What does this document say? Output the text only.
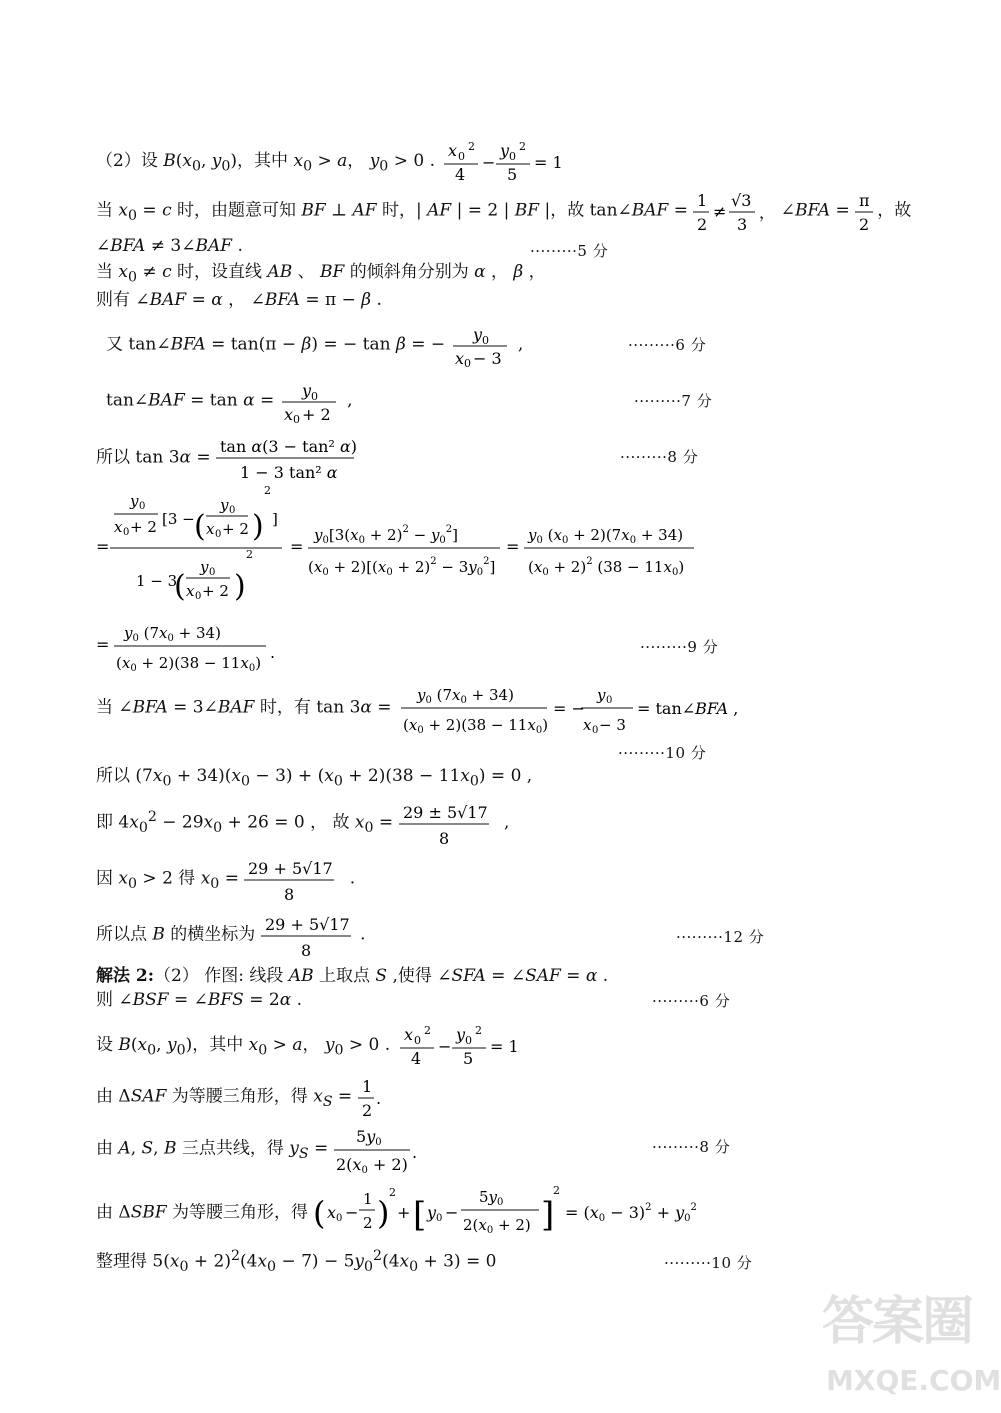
（2）设 $B(x_0$, $y_0$)，其中 $x_0 > a$， $y_0 > 0$ . x 0
2
4
−
y 0
2
5
= 1
当 $x_0 = c$ 时，由题意可知 BF ⊥ AF 时，| AF | = 2 | BF |，故 tan∠BAF = 1
2
≠
√3
3
， ∠BFA = π
2
，故
∠BFA ≠ 3∠BAF .	·········5 分
当 $x_0 \ne c$ 时，设直线 AB 、 BF 的倾斜角分别为 α ， β ，
则有 ∠BAF = α ， ∠BFA = π − β .
又 tan∠BFA = tan(π − β) = − tan β = − y 0
x 0 − 3
,	·········6 分
tan∠BAF = tan α = y 0
x 0 + 2
,	·········7 分
所以 tan 3α =
tan α(3 − tan² α)
1 − 3 tan² α
·········8 分
=
y 0
x 0 + 2 [3 − (
y 0
x 0 + 2 )
2
]
1 − 3
(
y 0
x 0 + 2 )
2 =
$y_0[3(x_0 + 2)^2 - y_0^2]$
$(x_0 + 2)[(x_0 + 2)^2 - 3y_0^2]$
=
$y_0$ $(x_0 + 2)(7x_0 + 34)$
$(x_0 + 2)^2$ $(38 - 11x_0)$
=
$y_0$ $(7x_0 + 34)$
$(x_0 + 2)(38 - 11x_0)$
.	·········9 分
当 ∠BFA = 3∠BAF 时，有 tan 3α =
$y_0$ $(7x_0 + 34)$
$(x_0 + 2)(38 - 11x_0)$
= −
y 0
x 0 − 3
= tan∠BFA ,
·········10 分
所以 $(7x_0 + 34)(x_0 - 3) + (x_0 + 2)(38 - 11x_0) = 0$ ,
即 $4x_0^2 - 29x_0 + 26 = 0$ ， 故 $x_0 = 29 \pm 5√17$
8
,
因 $x_0 > 2$ 得 $x_0 = 29 + 5√17$
8
.
所以点 B 的横坐标为 29 + 5√17
8
.	·········12 分
解法 2:（2） 作图: 线段 AB 上取点 S ,使得 ∠SFA = ∠SAF = α .
则 ∠BSF = ∠BFS = 2α .	·········6 分
设 $B(x_0$, $y_0$)，其中 $x_0 > a$， $y_0 > 0$ . x 0
2
4
−
y 0
2
5
= 1
由 ΔSAF 为等腰三角形，得 $x_S = 1$
2
.
由 A, S, B 三点共线，得 $y_S$ =
5y0
2(x0 + 2)
.	·········8 分
由 ΔSBF 为等腰三角形，得 ( x 0 −
1
2 )
2
+ [ y 0 −
$5y_0$
$2(x_0 + 2)$ ]
2
= $(x0 - 3)^2 + y0^2$
整理得 $5(x_0 + 2)^2(4x_0 - 7) - 5y_0^2(4x_0 + 3) = 0$	·········10 分
答案圈
MXQE.COM
